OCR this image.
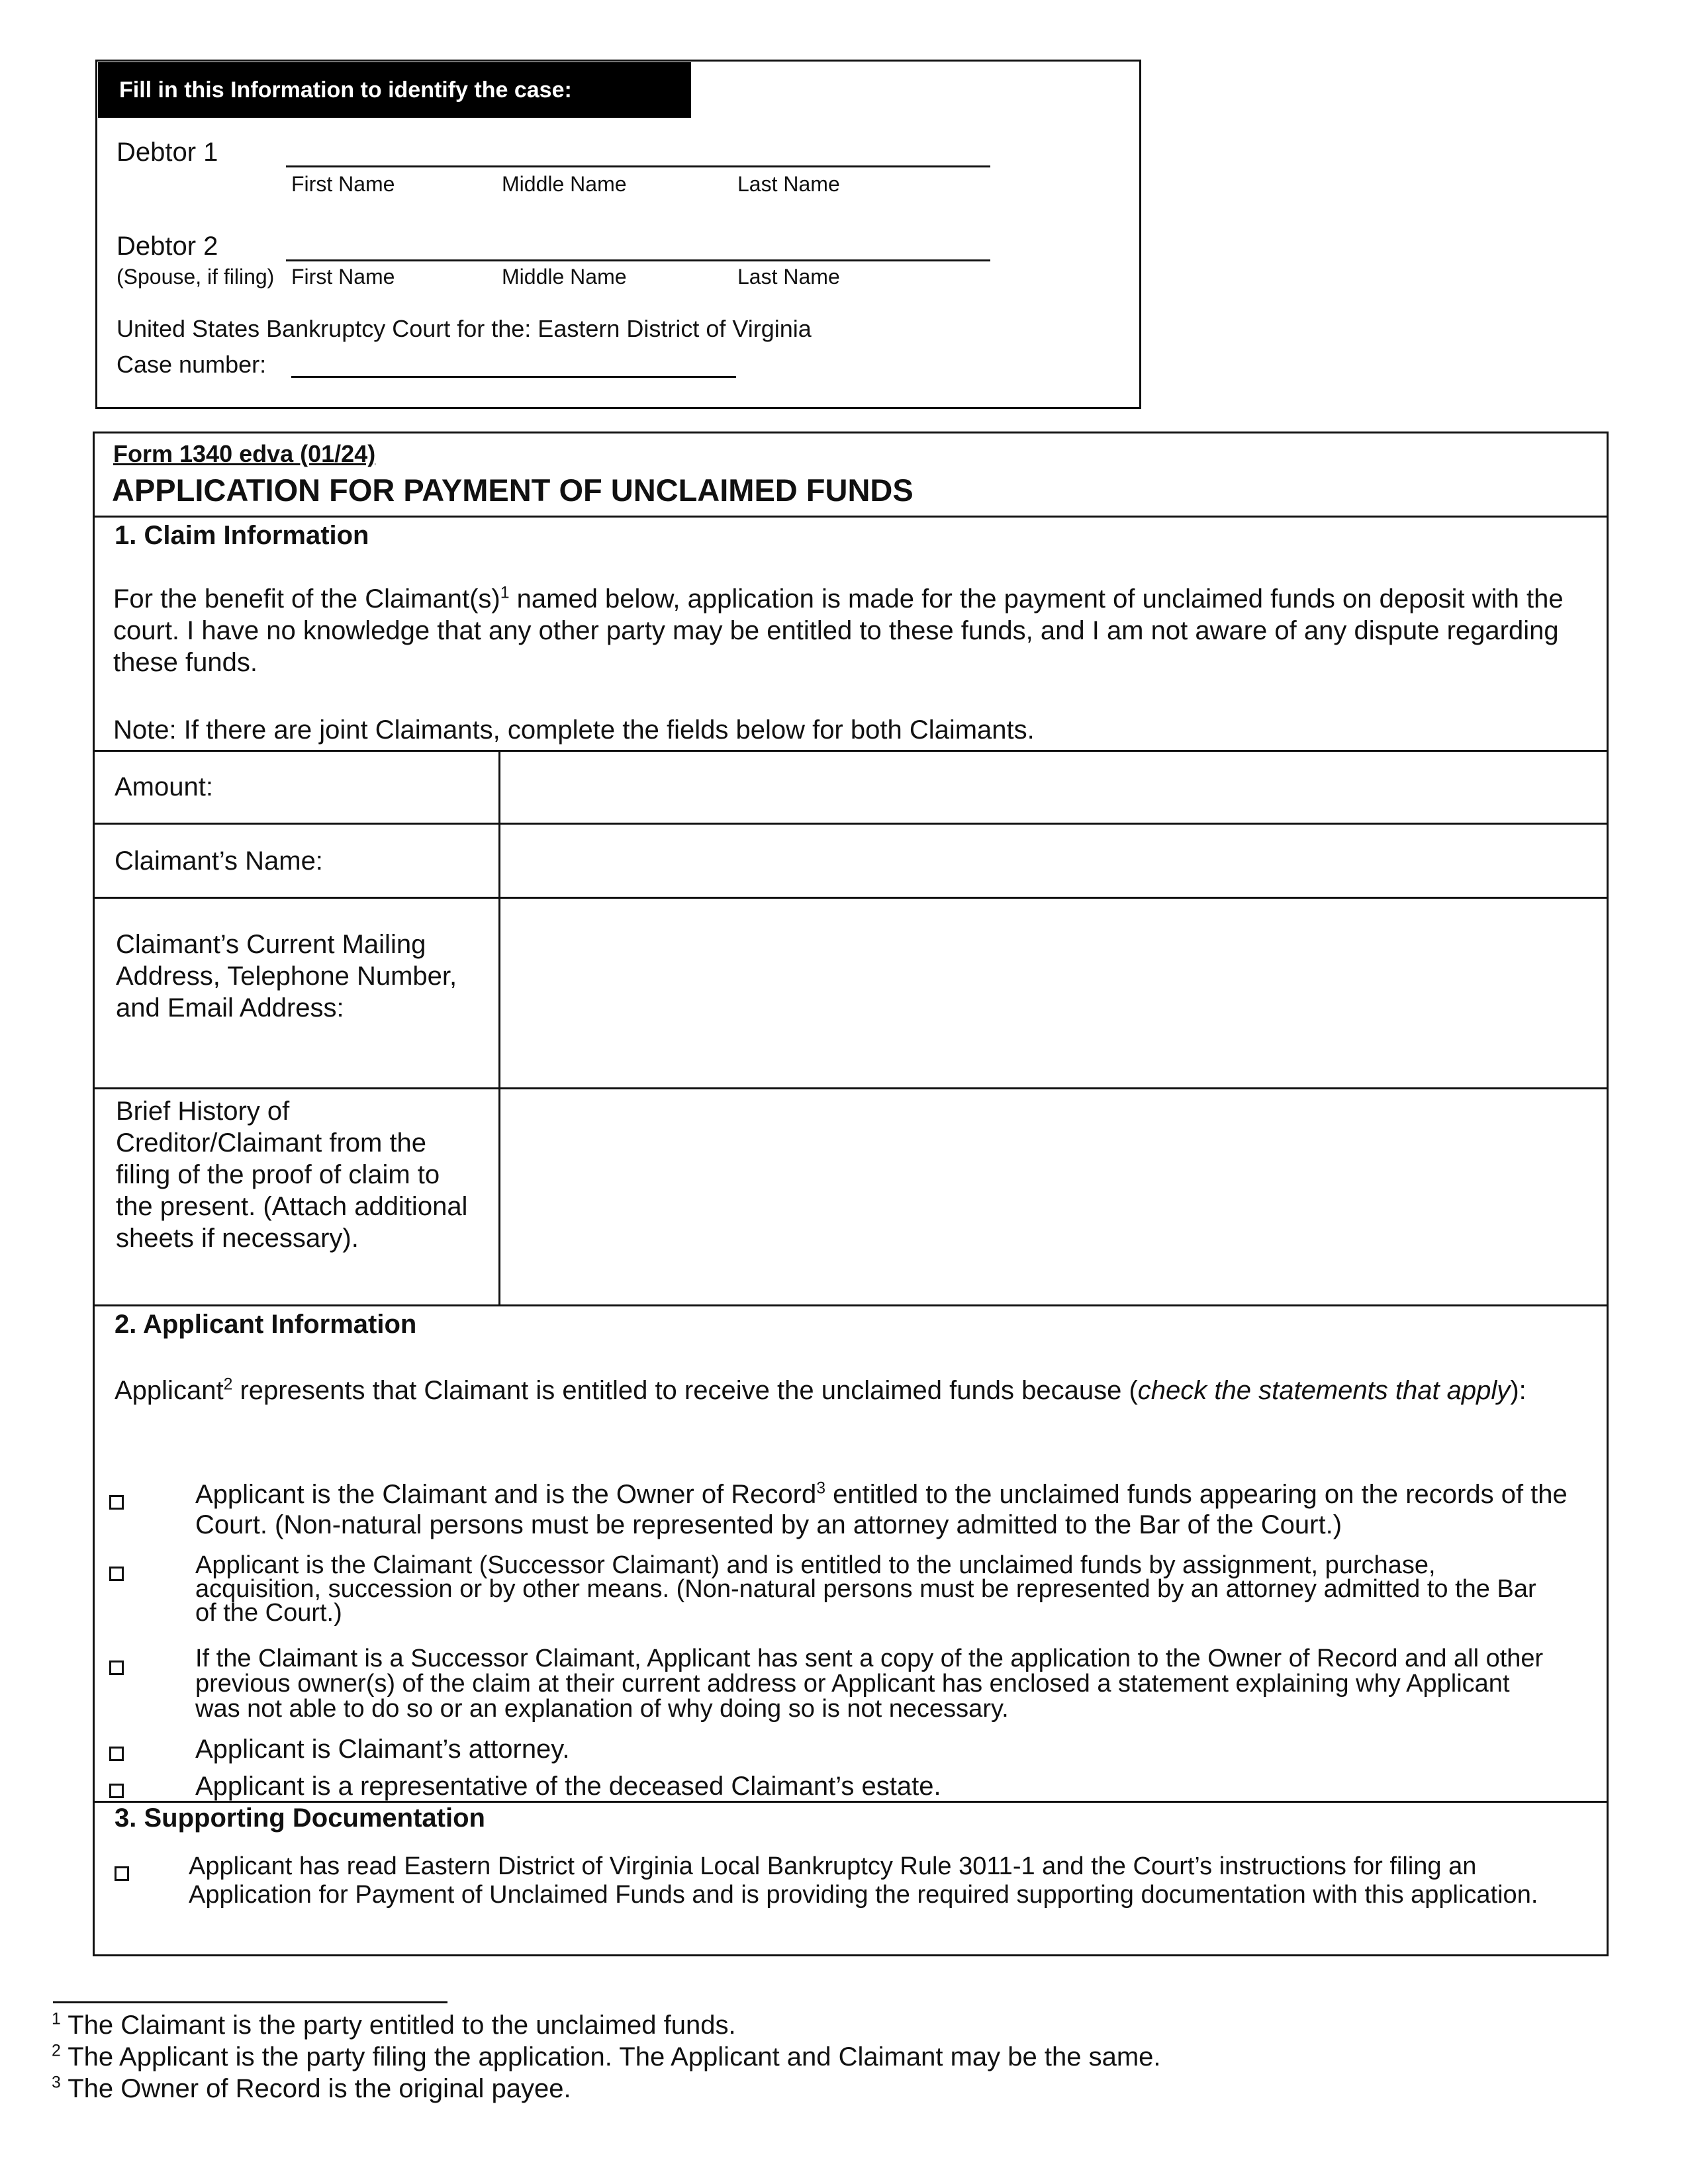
Fill in this Information to identify the case:
Debtor 1
First Name	Middle Name	Last Name
Debtor 2
(Spouse, if filing) First Name	Middle Name	Last Name
United States Bankruptcy Court for the: Eastern District of Virginia
Case number:
Form 1340 edva (01/24)
APPLICATION FOR PAYMENT OF UNCLAIMED FUNDS
1. Claim Information
For the benefit of the $Claimant(s)^1$ named below, application is made for the payment of unclaimed funds on deposit with the court. I have no knowledge that any other party may be entitled to these funds, and I am not aware of any dispute regarding these funds.
Note: If there are joint Claimants, complete the fields below for both Claimants.
Amount:
Claimant’s Name:
Claimant’s Current Mailing Address, Telephone Number, and Email Address:
Brief History of Creditor/Claimant from the filing of the proof of claim to the present. (Attach additional sheets if necessary).
2. Applicant Information
Applicant$^2$ represents that Claimant is entitled to receive the unclaimed funds because (check the statements that apply):
Applicant is the Claimant and is the Owner of Record$^3$ entitled to the unclaimed funds appearing on the records of the Court. (Non-natural persons must be represented by an attorney admitted to the Bar of the Court.)
Applicant is the Claimant (Successor Claimant) and is entitled to the unclaimed funds by assignment, purchase, acquisition, succession or by other means. (Non-natural persons must be represented by an attorney admitted to the Bar of the Court.)
If the Claimant is a Successor Claimant, Applicant has sent a copy of the application to the Owner of Record and all other previous owner(s) of the claim at their current address or Applicant has enclosed a statement explaining why Applicant was not able to do so or an explanation of why doing so is not necessary.
Applicant is Claimant’s attorney.
Applicant is a representative of the deceased Claimant’s estate.
3. Supporting Documentation
Applicant has read Eastern District of Virginia Local Bankruptcy Rule 3011-1 and the Court’s instructions for filing an Application for Payment of Unclaimed Funds and is providing the required supporting documentation with this application.
$^1$ The Claimant is the party entitled to the unclaimed funds.
$^2$ The Applicant is the party filing the application. The Applicant and Claimant may be the same.
$^3$ The Owner of Record is the original payee.
